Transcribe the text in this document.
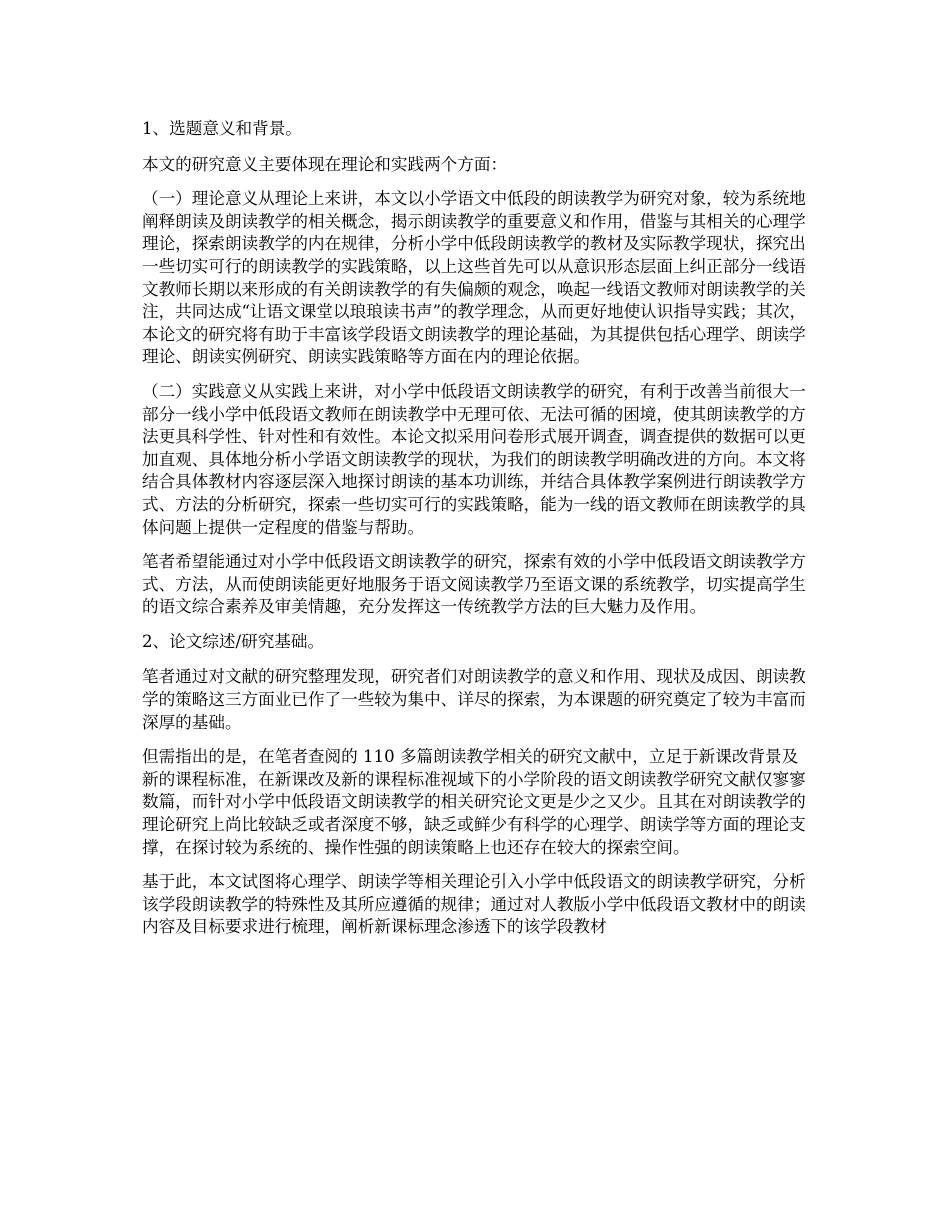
1、选题意义和背景。

本文的研究意义主要体现在理论和实践两个方面：

（一）理论意义从理论上来讲，本文以小学语文中低段的朗读教学为研究对象，较为系统地阐释朗读及朗读教学的相关概念，揭示朗读教学的重要意义和作用，借鉴与其相关的心理学理论，探索朗读教学的内在规律，分析小学中低段朗读教学的教材及实际教学现状，探究出一些切实可行的朗读教学的实践策略，以上这些首先可以从意识形态层面上纠正部分一线语文教师长期以来形成的有关朗读教学的有失偏颇的观念，唤起一线语文教师对朗读教学的关注，共同达成“让语文课堂以琅琅读书声”的教学理念，从而更好地使认识指导实践；其次，本论文的研究将有助于丰富该学段语文朗读教学的理论基础，为其提供包括心理学、朗读学理论、朗读实例研究、朗读实践策略等方面在内的理论依据。

（二）实践意义从实践上来讲，对小学中低段语文朗读教学的研究，有利于改善当前很大一部分一线小学中低段语文教师在朗读教学中无理可依、无法可循的困境，使其朗读教学的方法更具科学性、针对性和有效性。本论文拟采用问卷形式展开调查，调查提供的数据可以更加直观、具体地分析小学语文朗读教学的现状，为我们的朗读教学明确改进的方向。本文将结合具体教材内容逐层深入地探讨朗读的基本功训练，并结合具体教学案例进行朗读教学方式、方法的分析研究，探索一些切实可行的实践策略，能为一线的语文教师在朗读教学的具体问题上提供一定程度的借鉴与帮助。

笔者希望能通过对小学中低段语文朗读教学的研究，探索有效的小学中低段语文朗读教学方式、方法，从而使朗读能更好地服务于语文阅读教学乃至语文课的系统教学，切实提高学生的语文综合素养及审美情趣，充分发挥这一传统教学方法的巨大魅力及作用。

2、论文综述/研究基础。

笔者通过对文献的研究整理发现，研究者们对朗读教学的意义和作用、现状及成因、朗读教学的策略这三方面业已作了一些较为集中、详尽的探索，为本课题的研究奠定了较为丰富而深厚的基础。

但需指出的是，在笔者查阅的 110 多篇朗读教学相关的研究文献中，立足于新课改背景及新的课程标准，在新课改及新的课程标准视域下的小学阶段的语文朗读教学研究文献仅寥寥数篇，而针对小学中低段语文朗读教学的相关研究论文更是少之又少。且其在对朗读教学的理论研究上尚比较缺乏或者深度不够，缺乏或鲜少有科学的心理学、朗读学等方面的理论支撑，在探讨较为系统的、操作性强的朗读策略上也还存在较大的探索空间。

基于此，本文试图将心理学、朗读学等相关理论引入小学中低段语文的朗读教学研究，分析该学段朗读教学的特殊性及其所应遵循的规律；通过对人教版小学中低段语文教材中的朗读内容及目标要求进行梳理，阐析新课标理念渗透下的该学段教材
